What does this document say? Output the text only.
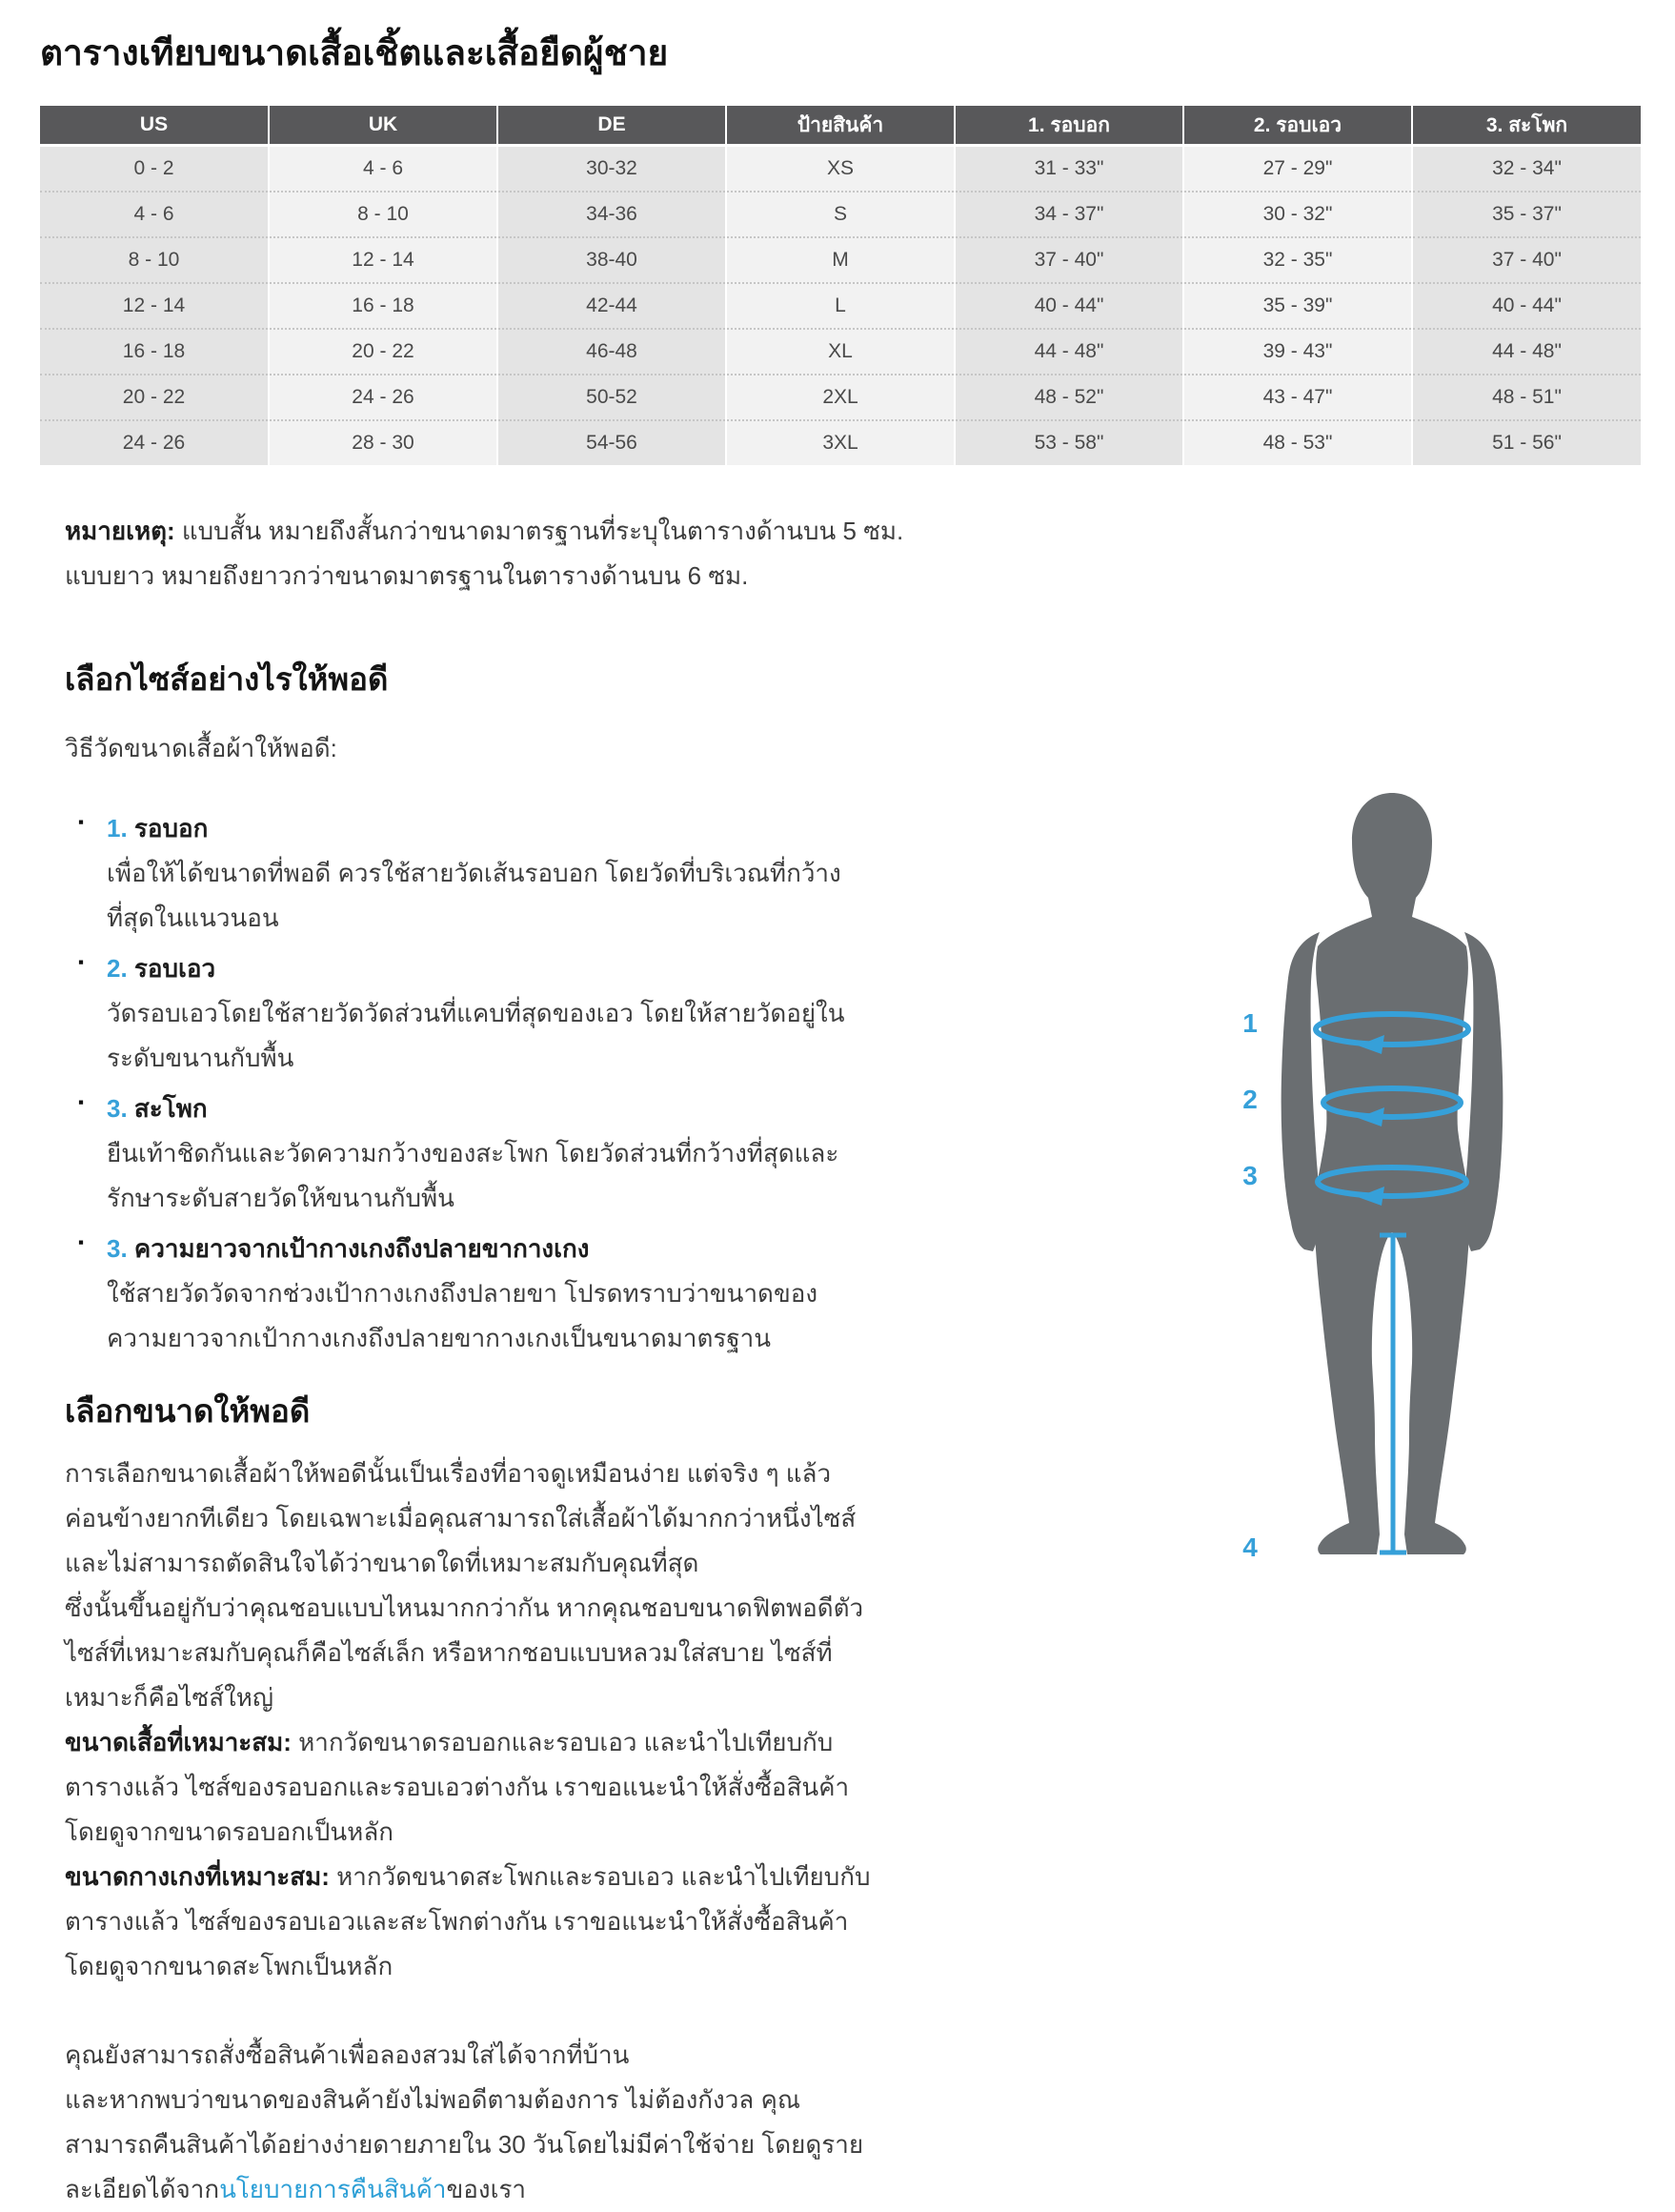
ตารางเทียบขนาดเสื้อเชิ้ตและเสื้อยืดผู้ชาย
US	UK	DE	ป้ายสินค้า	1. รอบอก	2. รอบเอว	3. สะโพก
0 - 2	4 - 6	30-32	XS	31 - 33"	27 - 29"	32 - 34"
4 - 6	8 - 10	34-36	S	34 - 37"	30 - 32"	35 - 37"
8 - 10	12 - 14	38-40	M	37 - 40"	32 - 35"	37 - 40"
12 - 14	16 - 18	42-44	L	40 - 44"	35 - 39"	40 - 44"
16 - 18	20 - 22	46-48	XL	44 - 48"	39 - 43"	44 - 48"
20 - 22	24 - 26	50-52	2XL	48 - 52"	43 - 47"	48 - 51"
24 - 26	28 - 30	54-56	3XL	53 - 58"	48 - 53"	51 - 56"

หมายเหตุ: แบบสั้น หมายถึงสั้นกว่าขนาดมาตรฐานที่ระบุในตารางด้านบน 5 ซม.
แบบยาว หมายถึงยาวกว่าขนาดมาตรฐานในตารางด้านบน 6 ซม.

เลือกไซส์อย่างไรให้พอดี

วิธีวัดขนาดเสื้อผ้าให้พอดี:

▪ 1. รอบอก
เพื่อให้ได้ขนาดที่พอดี ควรใช้สายวัดเส้นรอบอก โดยวัดที่บริเวณที่กว้างที่สุดในแนวนอน
▪ 2. รอบเอว
วัดรอบเอวโดยใช้สายวัดวัดส่วนที่แคบที่สุดของเอว โดยให้สายวัดอยู่ในระดับขนานกับพื้น
▪ 3. สะโพก
ยืนเท้าชิดกันและวัดความกว้างของสะโพก โดยวัดส่วนที่กว้างที่สุดและรักษาระดับสายวัดให้ขนานกับพื้น
▪ 3. ความยาวจากเป้ากางเกงถึงปลายขากางเกง
ใช้สายวัดวัดจากช่วงเป้ากางเกงถึงปลายขา โปรดทราบว่าขนาดของความยาวจากเป้ากางเกงถึงปลายขากางเกงเป็นขนาดมาตรฐาน
เลือกขนาดให้พอดี

การเลือกขนาดเสื้อผ้าให้พอดีนั้นเป็นเรื่องที่อาจดูเหมือนง่าย แต่จริง ๆ แล้วค่อนข้างยากทีเดียว โดยเฉพาะเมื่อคุณสามารถใส่เสื้อผ้าได้มากกว่าหนึ่งไซส์ และไม่สามารถตัดสินใจได้ว่าขนาดใดที่เหมาะสมกับคุณที่สุด

ซึ่งนั้นขึ้นอยู่กับว่าคุณชอบแบบไหนมากกว่ากัน หากคุณชอบขนาดฟิตพอดีตัว ไซส์ที่เหมาะสมกับคุณก็คือไซส์เล็ก หรือหากชอบแบบหลวมใส่สบาย ไซส์ที่เหมาะก็คือไซส์ใหญ่

ขนาดเสื้อที่เหมาะสม: หากวัดขนาดรอบอกและรอบเอว และนำไปเทียบกับตารางแล้ว ไซส์ของรอบอกและรอบเอวต่างกัน เราขอแนะนำให้สั่งซื้อสินค้าโดยดูจากขนาดรอบอกเป็นหลัก

ขนาดกางเกงที่เหมาะสม: หากวัดขนาดสะโพกและรอบเอว และนำไปเทียบกับตารางแล้ว ไซส์ของรอบเอวและสะโพกต่างกัน เราขอแนะนำให้สั่งซื้อสินค้าโดยดูจากขนาดสะโพกเป็นหลัก

คุณยังสามารถสั่งซื้อสินค้าเพื่อลองสวมใส่ได้จากที่บ้าน
และหากพบว่าขนาดของสินค้ายังไม่พอดีตามต้องการ ไม่ต้องกังวล คุณสามารถคืนสินค้าได้อย่างง่ายดายภายใน 30 วันโดยไม่มีค่าใช้จ่าย โดยดูรายละเอียดได้จากนโยบายการคืนสินค้าของเรา

1
2
3
4
